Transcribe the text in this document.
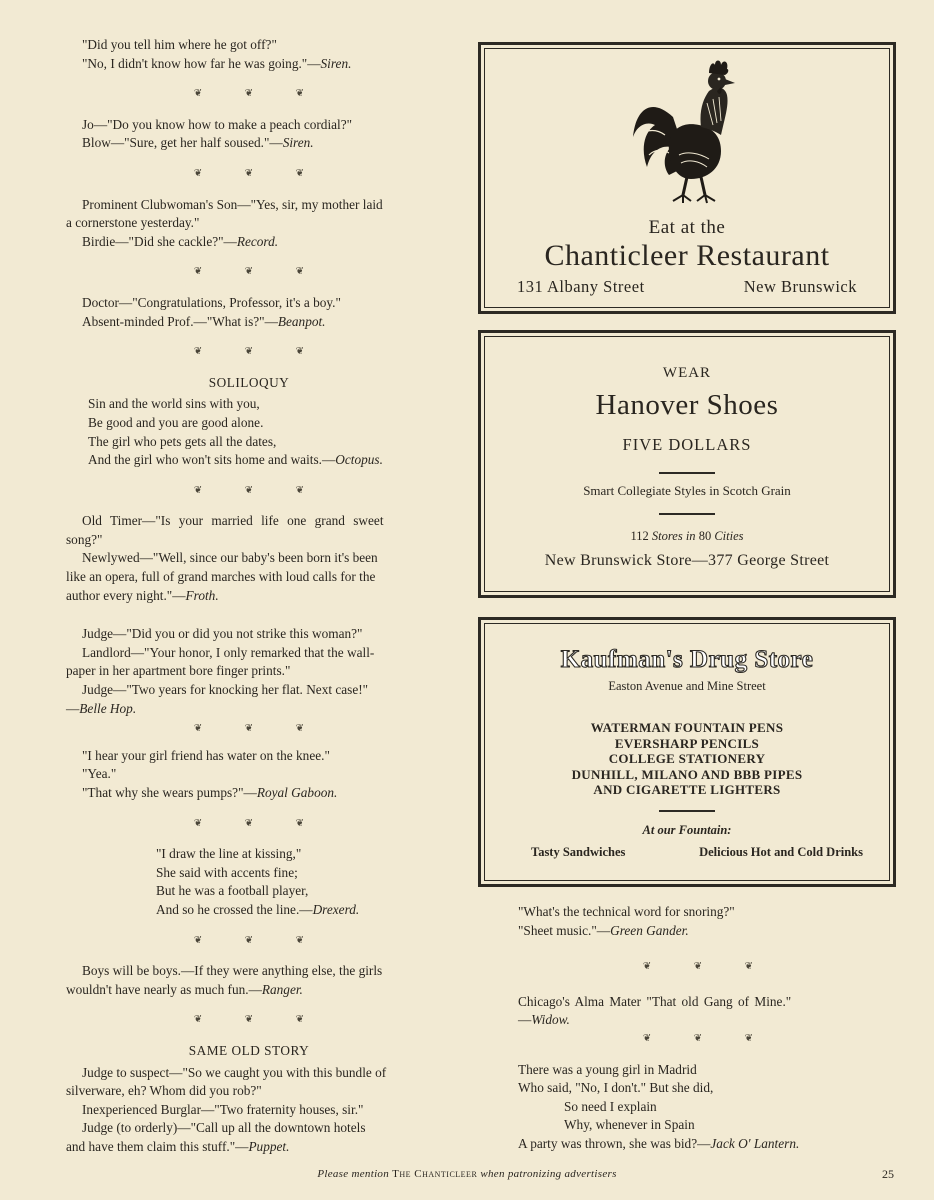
"Did you tell him where he got off?"
"No, I didn't know how far he was going."—Siren.
❦ ❦ ❦
Jo—"Do you know how to make a peach cordial?"
Blow—"Sure, get her half soused."—Siren.
❦ ❦ ❦
Prominent Clubwoman's Son—"Yes, sir, my mother laid
a cornerstone yesterday."
Birdie—"Did she cackle?"—Record.
❦ ❦ ❦
Doctor—"Congratulations, Professor, it's a boy."
Absent-minded Prof.—"What is?"—Beanpot.
❦ ❦ ❦
SOLILOQUY
Sin and the world sins with you,
Be good and you are good alone.
The girl who pets gets all the dates,
And the girl who won't sits home and waits.—Octopus.
❦ ❦ ❦
Old Timer—"Is your married life one grand sweet
song?"
Newlywed—"Well, since our baby's been born it's been
like an opera, full of grand marches with loud calls for the
author every night."—Froth.
Judge—"Did you or did you not strike this woman?"
Landlord—"Your honor, I only remarked that the wall-
paper in her apartment bore finger prints."
Judge—"Two years for knocking her flat. Next case!"
—Belle Hop.
❦ ❦ ❦
"I hear your girl friend has water on the knee."
"Yea."
"That why she wears pumps?"—Royal Gaboon.
❦ ❦ ❦
"I draw the line at kissing,"
She said with accents fine;
But he was a football player,
And so he crossed the line.—Drexerd.
❦ ❦ ❦
Boys will be boys.—If they were anything else, the girls
wouldn't have nearly as much fun.—Ranger.
❦ ❦ ❦
SAME OLD STORY
Judge to suspect—"So we caught you with this bundle of
silverware, eh? Whom did you rob?"
Inexperienced Burglar—"Two fraternity houses, sir."
Judge (to orderly)—"Call up all the downtown hotels
and have them claim this stuff."—Puppet.
Eat at the
Chanticleer Restaurant
131 Albany Street	New Brunswick
WEAR
Hanover Shoes
FIVE DOLLARS
Smart Collegiate Styles in Scotch Grain
112 Stores in 80 Cities
New Brunswick Store—377 George Street
Kaufman's Drug Store
Easton Avenue and Mine Street
WATERMAN FOUNTAIN PENS
EVERSHARP PENCILS
COLLEGE STATIONERY
DUNHILL, MILANO AND BBB PIPES
AND CIGARETTE LIGHTERS
At our Fountain:
Tasty Sandwiches	Delicious Hot and Cold Drinks
"What's the technical word for snoring?"
"Sheet music."—Green Gander.
❦ ❦ ❦
Chicago's Alma Mater "That old Gang of Mine."
—Widow.
❦ ❦ ❦
There was a young girl in Madrid
Who said, "No, I don't." But she did,
So need I explain
Why, whenever in Spain
A party was thrown, she was bid?—Jack O' Lantern.
Please mention The Chanticleer when patronizing advertisers	25
